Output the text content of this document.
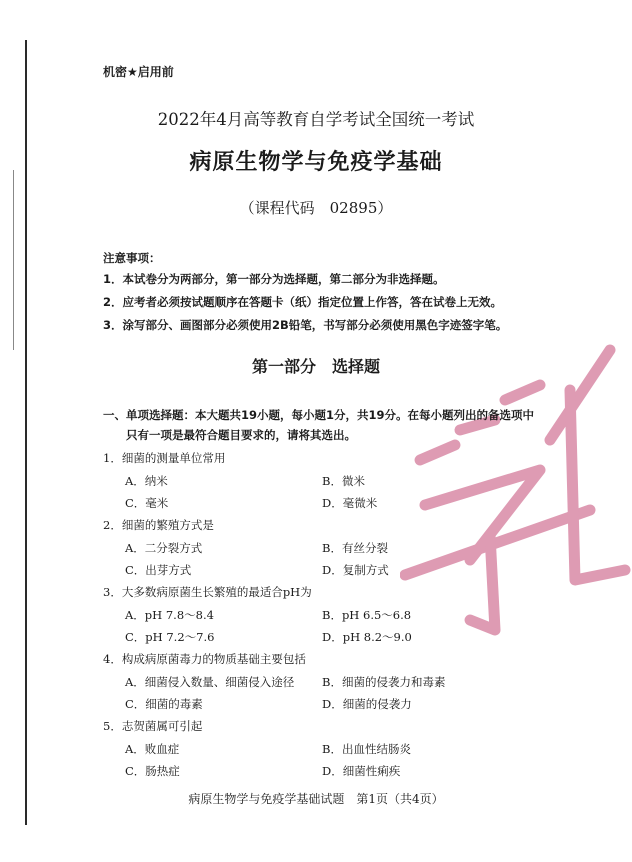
机密★启用前
2022年4月高等教育自学考试全国统一考试
病原生物学与免疫学基础
（课程代码　02895）
注意事项：
1．本试卷分为两部分，第一部分为选择题，第二部分为非选择题。
2．应考者必须按试题顺序在答题卡（纸）指定位置上作答，答在试卷上无效。
3．涂写部分、画图部分必须使用2B铅笔，书写部分必须使用黑色字迹签字笔。
第一部分　选择题
一、单项选择题：本大题共19小题，每小题1分，共19分。在每小题列出的备选项中
只有一项是最符合题目要求的，请将其选出。
1．细菌的测量单位常用
A．纳米	B．微米
C．毫米	D．毫微米
2．细菌的繁殖方式是
A．二分裂方式	B．有丝分裂
C．出芽方式	D．复制方式
3．大多数病原菌生长繁殖的最适合pH为
A．pH 7.8～8.4	B．pH 6.5～6.8
C．pH 7.2～7.6	D．pH 8.2～9.0
4．构成病原菌毒力的物质基础主要包括
A．细菌侵入数量、细菌侵入途径 B．细菌的侵袭力和毒素
C．细菌的毒素	D．细菌的侵袭力
5．志贺菌属可引起
A．败血症	B．出血性结肠炎
C．肠热症	D．细菌性痢疾
病原生物学与免疫学基础试题　第1页（共4页）
